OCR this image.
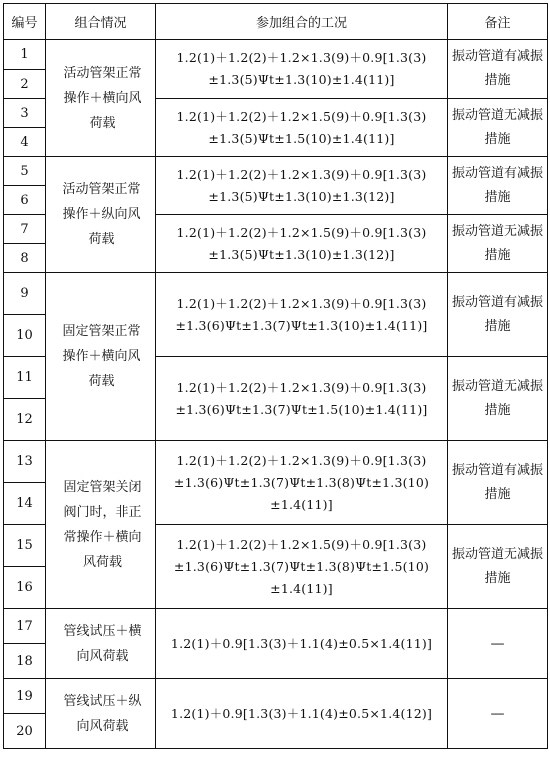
编号	组合情况	参加组合的工况	备注
1	活动管架正常操作＋横向风荷载	1.2(1)＋1.2(2)＋1.2×1.3(9)＋0.9[1.3(3)±1.3(5)Ψt±1.3(10)±1.4(11)]	振动管道有减振措施
2			
3		1.2(1)＋1.2(2)＋1.2×1.5(9)＋0.9[1.3(3)±1.3(5)Ψt±1.5(10)±1.4(11)]	振动管道无减振措施
4			
5	活动管架正常操作＋纵向风荷载	1.2(1)＋1.2(2)＋1.2×1.3(9)＋0.9[1.3(3)±1.3(5)Ψt±1.3(10)±1.3(12)]	振动管道有减振措施
6			
7		1.2(1)＋1.2(2)＋1.2×1.5(9)＋0.9[1.3(3)±1.3(5)Ψt±1.3(10)±1.3(12)]	振动管道无减振措施
8			
9	固定管架正常操作＋横向风荷载	1.2(1)＋1.2(2)＋1.2×1.3(9)＋0.9[1.3(3)±1.3(6)Ψt±1.3(7)Ψt±1.3(10)±1.4(11)]	振动管道有减振措施
10			
11		1.2(1)＋1.2(2)＋1.2×1.3(9)＋0.9[1.3(3)±1.3(6)Ψt±1.3(7)Ψt±1.5(10)±1.4(11)]	振动管道无减振措施
12			
13	固定管架关闭阀门时，非正常操作＋横向风荷载	1.2(1)＋1.2(2)＋1.2×1.3(9)＋0.9[1.3(3)±1.3(6)Ψt±1.3(7)Ψt±1.3(8)Ψt±1.3(10)±1.4(11)]	振动管道有减振措施
14			
15		1.2(1)＋1.2(2)＋1.2×1.5(9)＋0.9[1.3(3)±1.3(6)Ψt±1.3(7)Ψt±1.3(8)Ψt±1.5(10)±1.4(11)]	振动管道无减振措施
16			
17	管线试压＋横向风荷载	1.2(1)＋0.9[1.3(3)＋1.1(4)±0.5×1.4(11)]	—
18			
19	管线试压＋纵向风荷载	1.2(1)＋0.9[1.3(3)＋1.1(4)±0.5×1.4(12)]	—
20			
